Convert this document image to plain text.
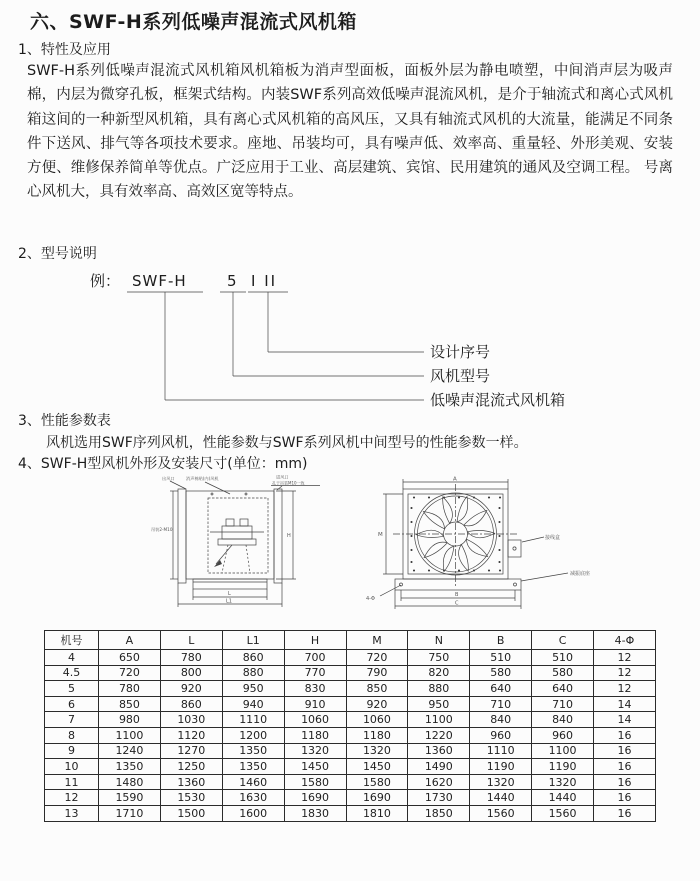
六、SWF-H系列低噪声混流式风机箱
1、特性及应用
SWF-H系列低噪声混流式风机箱风机箱板为消声型面板，面板外层为静电喷塑，中间消声层为吸声棉，内层为微穿孔板，框架式结构。内装SWF系列高效低噪声混流风机，是介于轴流式和离心式风机箱这间的一种新型风机箱，具有离心式风机箱的高风压，又具有轴流式风机的大流量，能满足不同条件下送风、排气等各项技术要求。座地、吊装均可，具有噪声低、效率高、重量轻、外形美观、安装方便、维修保养简单等优点。广泛应用于工业、高层建筑、宾馆、民用建筑的通风及空调工程。 号离心风机大，具有效率高、高效区宽等特点。
2、型号说明
例： SWF-H	5 I II
设计序号
风机型号
低噪声混流式风机箱
3、性能参数表
风机选用SWF序列风机，性能参数与SWF系列风机中间型号的性能参数一样。
4、SWF-H型风机外形及安装尺寸(单位：mm)
出风口	消声棉贴(内)风机	进风口
孔于吊装M10一致
吊装2-M10
H
L
L1
A
M
B
C
4-Φ
接线盒
减振底座
机号	A	L	L1	H	M	N	B	C	4-Φ
4	650	780	860	700	720	750	510	510	12
4.5	720	800	880	770	790	820	580	580	12
5	780	920	950	830	850	880	640	640	12
6	850	860	940	910	920	950	710	710	14
7	980	1030	1110	1060	1060	1100	840	840	14
8	1100	1120	1200	1180	1180	1220	960	960	16
9	1240	1270	1350	1320	1320	1360	1110	1100	16
10	1350	1250	1350	1450	1450	1490	1190	1190	16
11	1480	1360	1460	1580	1580	1620	1320	1320	16
12	1590	1530	1630	1690	1690	1730	1440	1440	16
13	1710	1500	1600	1830	1810	1850	1560	1560	16
